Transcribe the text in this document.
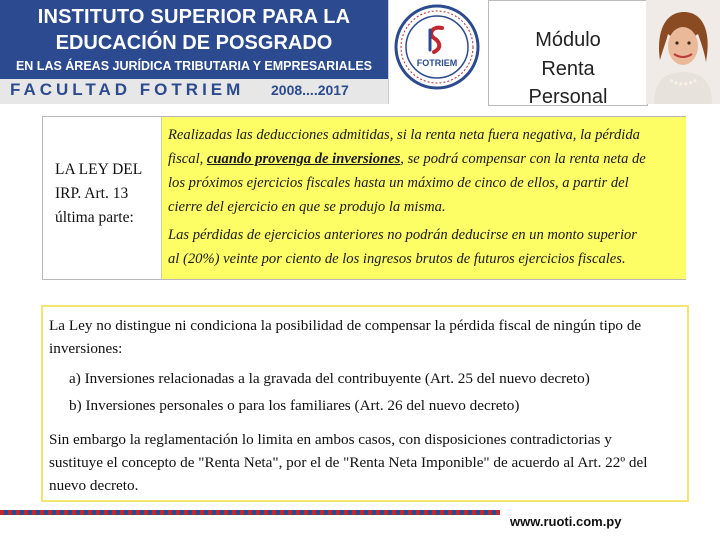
INSTITUTO SUPERIOR PARA LA
EDUCACIÓN DE POSGRADO
EN LAS ÁREAS JURÍDICA TRIBUTARIA Y EMPRESARIALES
FACULTAD FOTRIEM 2008....2017
FOTRIEM
Módulo
Renta
Personal
LA LEY DEL
IRP. Art. 13
última parte:
Realizadas las deducciones admitidas, si la renta neta fuera negativa, la pérdida
fiscal, cuando provenga de inversiones, se podrá compensar con la renta neta de
los próximos ejercicios fiscales hasta un máximo de cinco de ellos, a partir del
cierre del ejercicio en que se produjo la misma.
Las pérdidas de ejercicios anteriores no podrán deducirse en un monto superior
al (20%) veinte por ciento de los ingresos brutos de futuros ejercicios fiscales.
La Ley no distingue ni condiciona la posibilidad de compensar la pérdida fiscal de ningún tipo de
inversiones:
a) Inversiones relacionadas a la gravada del contribuyente (Art. 25 del nuevo decreto)
b) Inversiones personales o para los familiares (Art. 26 del nuevo decreto)
Sin embargo la reglamentación lo limita en ambos casos, con disposiciones contradictorias y
sustituye el concepto de "Renta Neta", por el de "Renta Neta Imponible" de acuerdo al Art. 22º del
nuevo decreto.
www.ruoti.com.py
